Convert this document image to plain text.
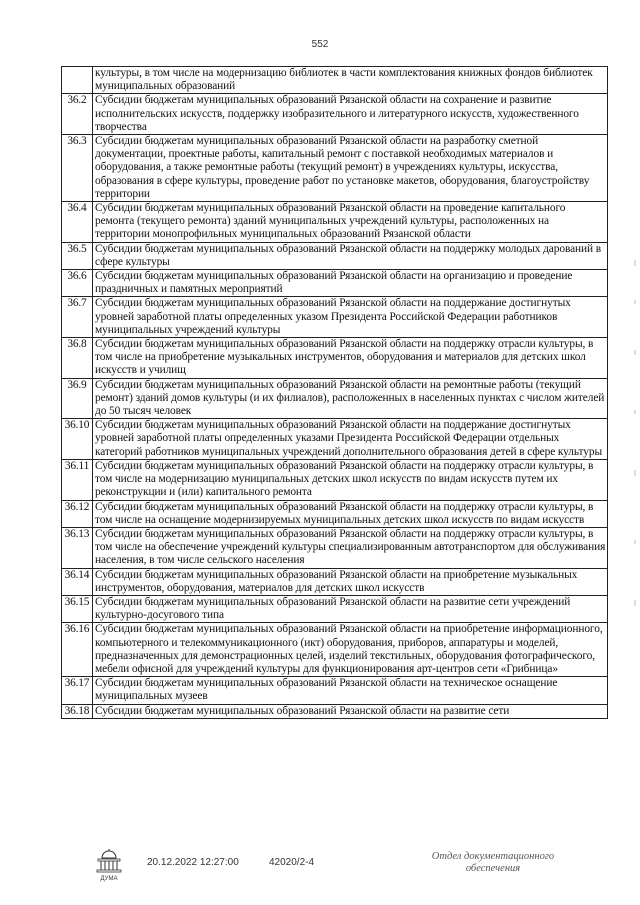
552
	культуры, в том числе на модернизацию библиотек в части комплектования книжных фондов библиотек муниципальных образований
36.2	Субсидии бюджетам муниципальных образований Рязанской области на сохранение и развитие исполнительских искусств, поддержку изобразительного и литературного искусств, художественного творчества
36.3	Субсидии бюджетам муниципальных образований Рязанской области на разработку сметной документации, проектные работы, капитальный ремонт с поставкой необходимых материалов и оборудования, а также ремонтные работы (текущий ремонт) в учреждениях культуры, искусства, образования в сфере культуры, проведение работ по установке макетов, оборудования, благоустройству территории
36.4	Субсидии бюджетам муниципальных образований Рязанской области на проведение капитального ремонта (текущего ремонта) зданий муниципальных учреждений культуры, расположенных на территории монопрофильных муниципальных образований Рязанской области
36.5	Субсидии бюджетам муниципальных образований Рязанской области на поддержку молодых дарований в сфере культуры
36.6	Субсидии бюджетам муниципальных образований Рязанской области на организацию и проведение праздничных и памятных мероприятий
36.7	Субсидии бюджетам муниципальных образований Рязанской области на поддержание достигнутых уровней заработной платы определенных указом Президента Российской Федерации работников муниципальных учреждений культуры
36.8	Субсидии бюджетам муниципальных образований Рязанской области на поддержку отрасли культуры, в том числе на приобретение музыкальных инструментов, оборудования и материалов для детских школ искусств и училищ
36.9	Субсидии бюджетам муниципальных образований Рязанской области на ремонтные работы (текущий ремонт) зданий домов культуры (и их филиалов), расположенных в населенных пунктах с числом жителей до 50 тысяч человек
36.10	Субсидии бюджетам муниципальных образований Рязанской области на поддержание достигнутых уровней заработной платы определенных указами Президента Российской Федерации отдельных категорий работников муниципальных учреждений дополнительного образования детей в сфере культуры
36.11	Субсидии бюджетам муниципальных образований Рязанской области на поддержку отрасли культуры, в том числе на модернизацию муниципальных детских школ искусств по видам искусств путем их реконструкции и (или) капитального ремонта
36.12	Субсидии бюджетам муниципальных образований Рязанской области на поддержку отрасли культуры, в том числе на оснащение модернизируемых муниципальных детских школ искусств по видам искусств
36.13	Субсидии бюджетам муниципальных образований Рязанской области на поддержку отрасли культуры, в том числе на обеспечение учреждений культуры специализированным автотранспортом для обслуживания населения, в том числе сельского населения
36.14	Субсидии бюджетам муниципальных образований Рязанской области на приобретение музыкальных инструментов, оборудования, материалов для детских школ искусств
36.15	Субсидии бюджетам муниципальных образований Рязанской области на развитие сети учреждений культурно-досугового типа
36.16	Субсидии бюджетам муниципальных образований Рязанской области на приобретение информационного, компьютерного и телекоммуникационного (икт) оборудования, приборов, аппаратуры и моделей, предназначенных для демонстрационных целей, изделий текстильных, оборудования фотографического, мебели офисной для учреждений культуры для функционирования арт-центров сети «Грибница»
36.17	Субсидии бюджетам муниципальных образований Рязанской области на техническое оснащение муниципальных музеев
36.18	Субсидии бюджетам муниципальных образований Рязанской области на развитие сети
ДУМА
20.12.2022 12:27:00	42020/2-4
Отдел документационного
обеспечения
